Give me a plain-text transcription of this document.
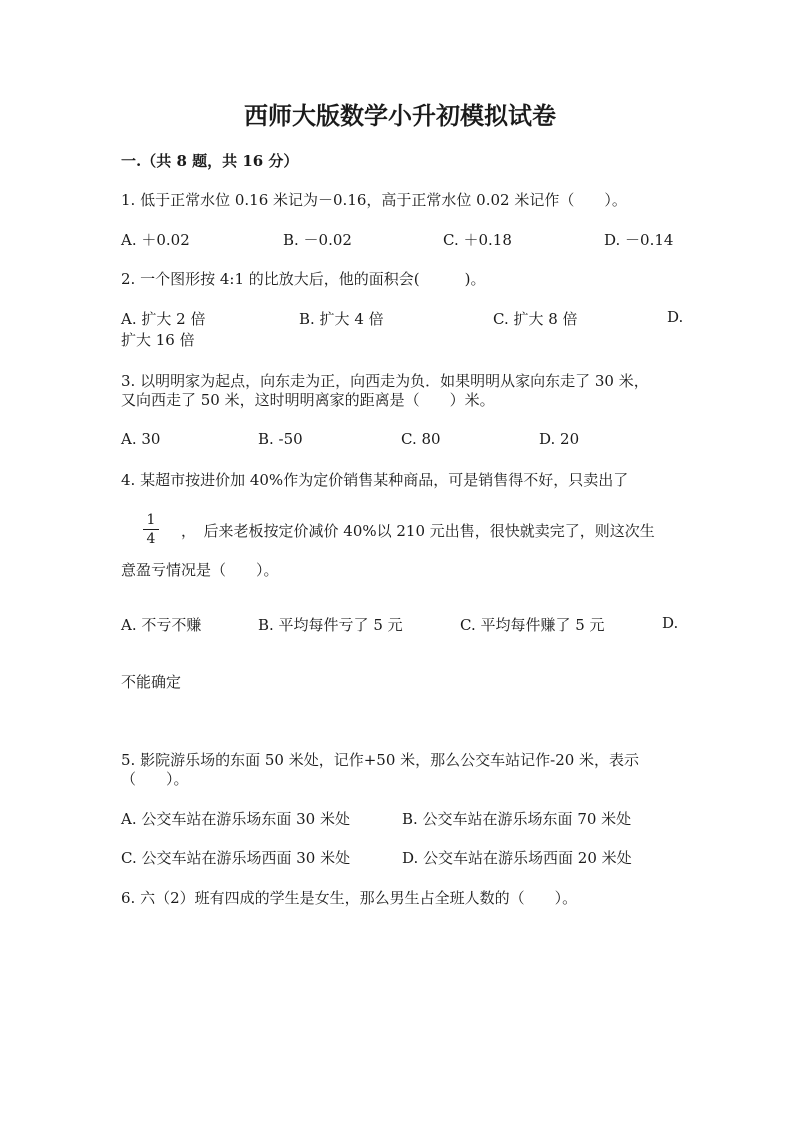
西师大版数学小升初模拟试卷
一.（共 8 题，共 16 分）
1. 低于正常水位 0.16 米记为－0.16，高于正常水位 0.02 米记作（　　）。
A. ＋0.02	B. －0.02	C. ＋0.18	D. －0.14
2. 一个图形按 4:1 的比放大后，他的面积会(　　　)。
A. 扩大 2 倍	B. 扩大 4 倍	C. 扩大 8 倍	D.
扩大 16 倍
3. 以明明家为起点，向东走为正，向西走为负．如果明明从家向东走了 30 米，
又向西走了 50 米，这时明明离家的距离是（　　）米。
A. 30	B. -50	C. 80	D. 20
4. 某超市按进价加 40%作为定价销售某种商品，可是销售得不好，只卖出了
1
4 ，　后来老板按定价减价 40%以 210 元出售，很快就卖完了，则这次生
意盈亏情况是（　　）。
A. 不亏不赚	B. 平均每件亏了 5 元	C. 平均每件赚了 5 元	D.
不能确定
5. 影院游乐场的东面 50 米处，记作+50 米，那么公交车站记作-20 米，表示
（　　）。
A. 公交车站在游乐场东面 30 米处	B. 公交车站在游乐场东面 70 米处
C. 公交车站在游乐场西面 30 米处	D. 公交车站在游乐场西面 20 米处
6. 六（2）班有四成的学生是女生，那么男生占全班人数的（　　）。
